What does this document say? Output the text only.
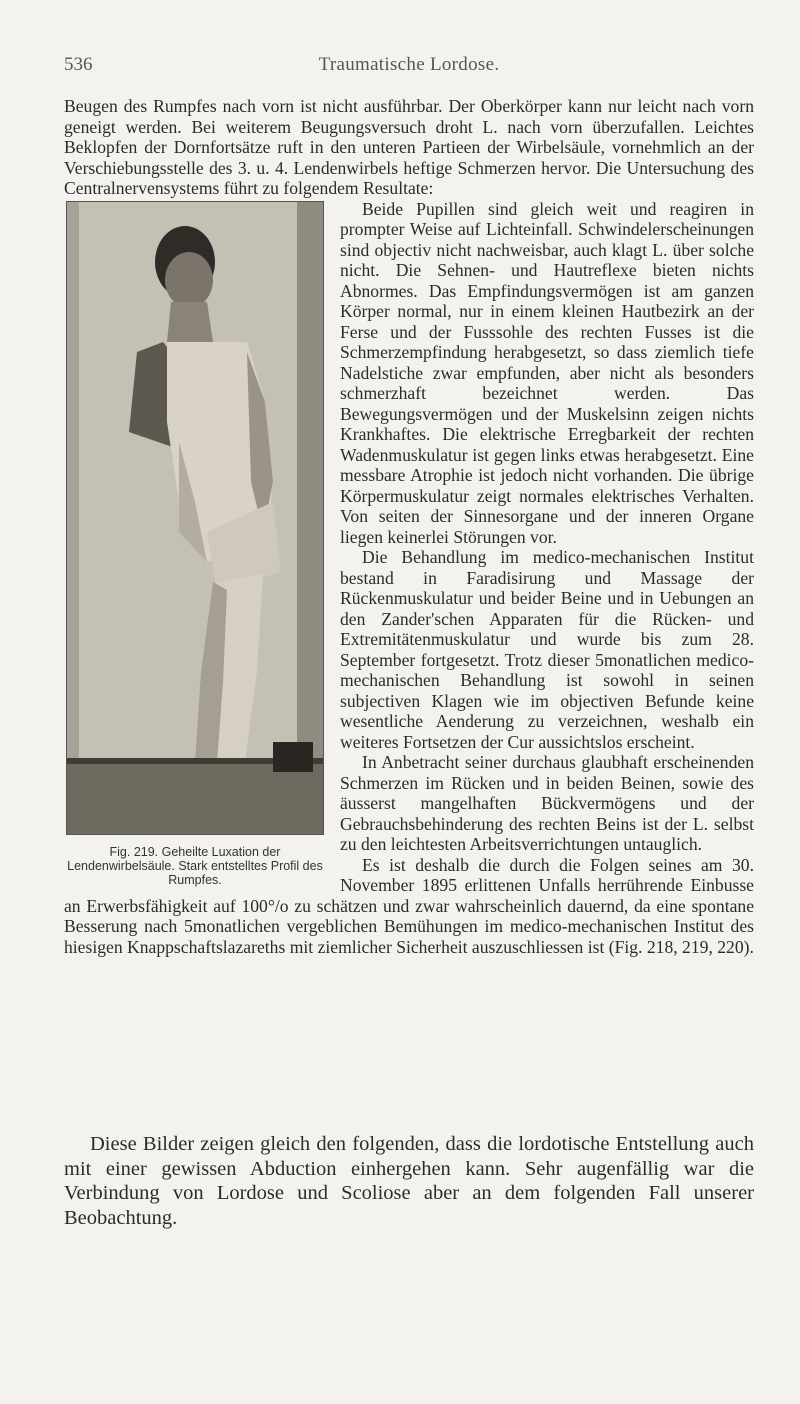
536	Traumatische Lordose.

Beugen des Rumpfes nach vorn ist nicht ausführbar. Der Oberkörper kann nur leicht nach vorn geneigt werden. Bei weiterem Beugungsversuch droht L. nach vorn überzufallen. Leichtes Beklopfen der Dornfortsätze ruft in den unteren Partieen der Wirbelsäule, vornehmlich an der Verschiebungsstelle des 3. u. 4. Lendenwirbels heftige Schmerzen hervor. Die Untersuchung des Centralnervensystems führt zu folgendem Resultate:

Fig. 219. Geheilte Luxation der Lendenwirbelsäule. Stark entstelltes Profil des Rumpfes.

Beide Pupillen sind gleich weit und reagiren in prompter Weise auf Lichteinfall. Schwindelerscheinungen sind objectiv nicht nachweisbar, auch klagt L. über solche nicht. Die Sehnen- und Hautreflexe bieten nichts Abnormes. Das Empfindungsvermögen ist am ganzen Körper normal, nur in einem kleinen Hautbezirk an der Ferse und der Fusssohle des rechten Fusses ist die Schmerzempfindung herabgesetzt, so dass ziemlich tiefe Nadelstiche zwar empfunden, aber nicht als besonders schmerzhaft bezeichnet werden. Das Bewegungsvermögen und der Muskelsinn zeigen nichts Krankhaftes. Die elektrische Erregbarkeit der rechten Wadenmuskulatur ist gegen links etwas herabgesetzt. Eine messbare Atrophie ist jedoch nicht vorhanden. Die übrige Körpermuskulatur zeigt normales elektrisches Verhalten. Von seiten der Sinnesorgane und der inneren Organe liegen keinerlei Störungen vor.

Die Behandlung im medico-mechanischen Institut bestand in Faradisirung und Massage der Rückenmuskulatur und beider Beine und in Uebungen an den Zander'schen Apparaten für die Rücken- und Extremitätenmuskulatur und wurde bis zum 28. September fortgesetzt. Trotz dieser 5monatlichen medico-mechanischen Behandlung ist sowohl in seinen subjectiven Klagen wie im objectiven Befunde keine wesentliche Aenderung zu verzeichnen, weshalb ein weiteres Fortsetzen der Cur aussichtslos erscheint.

In Anbetracht seiner durchaus glaubhaft erscheinenden Schmerzen im Rücken und in beiden Beinen, sowie des äusserst mangelhaften Bückvermögens und der Gebrauchsbehinderung des rechten Beins ist der L. selbst zu den leichtesten Arbeitsverrichtungen untauglich.

Es ist deshalb die durch die Folgen seines am 30. November 1895 erlittenen Unfalls herrührende Einbusse an Erwerbsfähigkeit auf 100°/o zu schätzen und zwar wahrscheinlich dauernd, da eine spontane Besserung nach 5monatlichen vergeblichen Bemühungen im medico-mechanischen Institut des hiesigen Knappschaftslazareths mit ziemlicher Sicherheit auszuschliessen ist (Fig. 218, 219, 220).

Diese Bilder zeigen gleich den folgenden, dass die lordotische Entstellung auch mit einer gewissen Abduction einhergehen kann. Sehr augenfällig war die Verbindung von Lordose und Scoliose aber an dem folgenden Fall unserer Beobachtung.
